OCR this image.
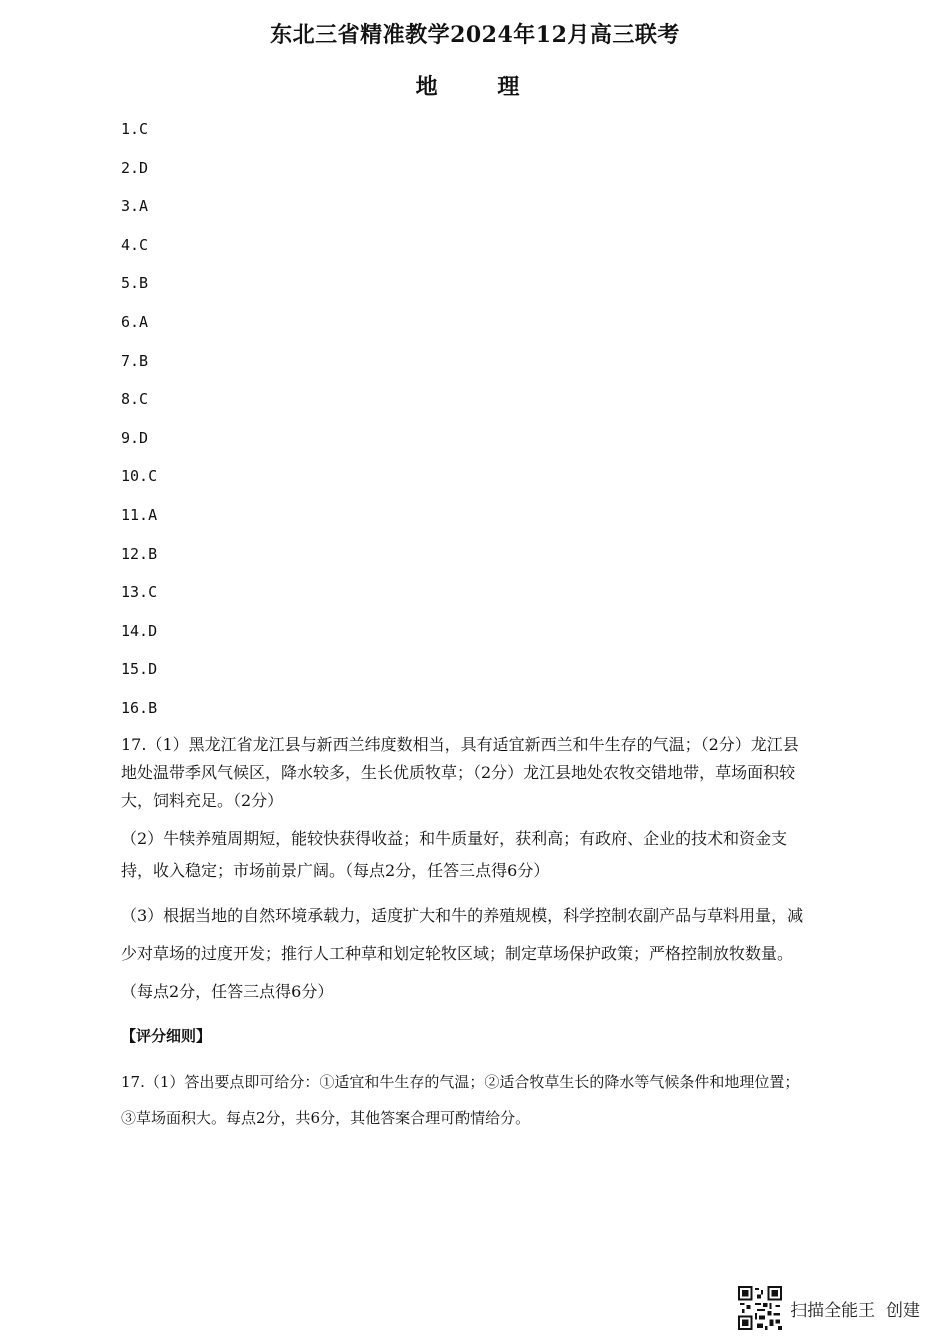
东北三省精准教学2024年12月高三联考
地 理
1.C
2.D
3.A
4.C
5.B
6.A
7.B
8.C
9.D
10.C
11.A
12.B
13.C
14.D
15.D
16.B

17.（1）黑龙江省龙江县与新西兰纬度数相当，具有适宜新西兰和牛生存的气温；（2分）龙江县地处温带季风气候区，降水较多，生长优质牧草；（2分）龙江县地处农牧交错地带，草场面积较大，饲料充足。（2分）

（2）牛犊养殖周期短，能较快获得收益；和牛质量好，获利高；有政府、企业的技术和资金支持，收入稳定；市场前景广阔。（每点2分，任答三点得6分）

（3）根据当地的自然环境承载力，适度扩大和牛的养殖规模，科学控制农副产品与草料用量，减少对草场的过度开发；推行人工种草和划定轮牧区域；制定草场保护政策；严格控制放牧数量。（每点2分，任答三点得6分）

【评分细则】

17.（1）答出要点即可给分：①适宜和牛生存的气温；②适合牧草生长的降水等气候条件和地理位置；③草场面积大。每点2分，共6分，其他答案合理可酌情给分。

扫描全能王  创建
